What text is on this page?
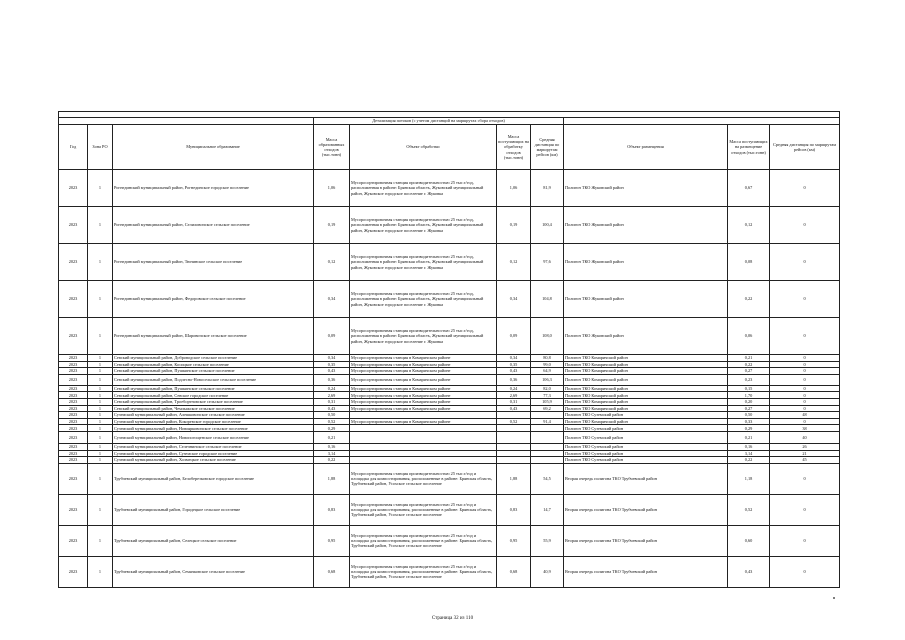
			Детализация потоков (с учетом дистанций на маршрутах сбора отходов)						
Год	Зона РО	Муниципальное образование	Масса образованных отходов (тыс.тонн)	Объект обработки	Масса поступающих на обработку отходов (тыс.тонн)	Средняя дистанция по маршрутам рейсов (км)	Объект размещения	Масса поступающих на размещение отходов (тыс.тонн)	Средняя дистанция по маршрутам рейсов (км)
2023	1	Рогнединский муниципальный район, Рогнединское городское поселение	1,06	Мусоросортировочная станция производительностью 25 тыс.т/год, расположенная в районе: Брянская область, Жуковский муниципальный район, Жуковское городское поселение г. Жуковка	1,06	81,9	Полигон ТКО Жуковский район	0,67	0
2023	1	Рогнединский муниципальный район, Селиловичское сельское поселение	0,19	Мусоросортировочная станция производительностью 25 тыс.т/год, расположенная в районе: Брянская область, Жуковский муниципальный район, Жуковское городское поселение г. Жуковка	0,19	100,4	Полигон ТКО Жуковский район	0,12	0
2023	1	Рогнединский муниципальный район, Тюнинское сельское поселение	0,12	Мусоросортировочная станция производительностью 25 тыс.т/год, расположенная в районе: Брянская область, Жуковский муниципальный район, Жуковское городское поселение г. Жуковка	0,12	97,6	Полигон ТКО Жуковский район	0,08	0
2023	1	Рогнединский муниципальный район, Федоровское сельское поселение	0,34	Мусоросортировочная станция производительностью 25 тыс.т/год, расположенная в районе: Брянская область, Жуковский муниципальный район, Жуковское городское поселение г. Жуковка	0,34	104,8	Полигон ТКО Жуковский район	0,22	0
2023	1	Рогнединский муниципальный район, Шаровичское сельское поселение	0,09	Мусоросортировочная станция производительностью 25 тыс.т/год, расположенная в районе: Брянская область, Жуковский муниципальный район, Жуковское городское поселение г. Жуковка	0,09	108,0	Полигон ТКО Жуковский район	0,06	0
2023	1	Севский муниципальный район, Доброводское сельское поселение	0,34	Мусоросортировочная станция в Комаричском районе	0,34	80,8	Полигон ТКО Комаричский район	0,21	0
2023	1	Севский муниципальный район, Косицкое сельское поселение	0,35	Мусоросортировочная станция в Комаричском районе	0,35	99,0	Полигон ТКО Комаричский район	0,22	0
2023	1	Севский муниципальный район, Пушкинское сельское поселение	0,43	Мусоросортировочная станция в Комаричском районе	0,43	64,9	Полигон ТКО Комаричский район	0,27	0
2023	1	Севский муниципальный район, Подлесно-Новосельское сельское поселение	0,36	Мусоросортировочная станция в Комаричском районе	0,36	106,3	Полигон ТКО Комаричский район	0,23	0
2023	1	Севский муниципальный район, Пушкинское сельское поселение	0,24	Мусоросортировочная станция в Комаричском районе	0,24	82,0	Полигон ТКО Комаричский район	0,15	0
2023	1	Севский муниципальный район, Севское городское поселение	2,69	Мусоросортировочная станция в Комаричском районе	2,69	77,3	Полигон ТКО Комаричский район	1,70	0
2023	1	Севский муниципальный район, Троебортновское сельское поселение	0,31	Мусоросортировочная станция в Комаричском районе	0,31	105,9	Полигон ТКО Комаричский район	0,20	0
2023	1	Севский муниципальный район, Чемлыжское сельское поселение	0,43	Мусоросортировочная станция в Комаричском районе	0,43	69,2	Полигон ТКО Комаричский район	0,27	0
2023	1	Суземский муниципальный район, Алешковичское сельское поселение	0,50				Полигон ТКО Суземский район	0,50	48
2023	1	Суземский муниципальный район, Кокоревское городское поселение	0,52	Мусоросортировочная станция в Комаричском районе	0,52	91,4	Полигон ТКО Комаричский район	0,33	0
2023	1	Суземский муниципальный район, Новоярковичское сельское поселение	0,29				Полигон ТКО Суземский район	0,29	38
2023	1	Суземский муниципальный район, Новопогощенское сельское поселение	0,21				Полигон ТКО Суземский район	0,21	40
2023	1	Суземский муниципальный район, Селечнинское сельское поселение	0,16				Полигон ТКО Суземский район	0,16	26
2023	1	Суземский муниципальный район, Суземское городское поселение	3,14				Полигон ТКО Суземский район	3,14	21
2023	1	Суземский муниципальный район, Холмецкое сельское поселение	0,22				Полигон ТКО Суземский район	0,22	45
2023	1	Трубчевский муниципальный район, Белоберезковское городское поселение	1,88	Мусоросортировочная станция производительностью 25 тыс.т/год и площадка для компостирования, расположенные в районе: Брянская область, Трубчевский район, Усохское сельское поселение	1,88	54,5	Вторая очередь полигона ТКО Трубчевский район	1,18	0
2023	1	Трубчевский муниципальный район, Городецкое сельское поселение	0,83	Мусоросортировочная станция производительностью 25 тыс.т/год и площадка для компостирования, расположенные в районе: Брянская область, Трубчевский район, Усохское сельское поселение	0,83	14,7	Вторая очередь полигона ТКО Трубчевский район	0,52	0
2023	1	Трубчевский муниципальный район, Селецкое сельское поселение	0,95	Мусоросортировочная станция производительностью 25 тыс.т/год и площадка для компостирования, расположенные в районе: Брянская область, Трубчевский район, Усохское сельское поселение	0,95	55,9	Вторая очередь полигона ТКО Трубчевский район	0,60	0
2023	1	Трубчевский муниципальный район, Семячковское сельское поселение	0,68	Мусоросортировочная станция производительностью 25 тыс.т/год и площадка для компостирования, расположенные в районе: Брянская область, Трубчевский район, Усохское сельское поселение	0,68	40,9	Вторая очередь полигона ТКО Трубчевский район	0,43	0
Страница 32 из 110
